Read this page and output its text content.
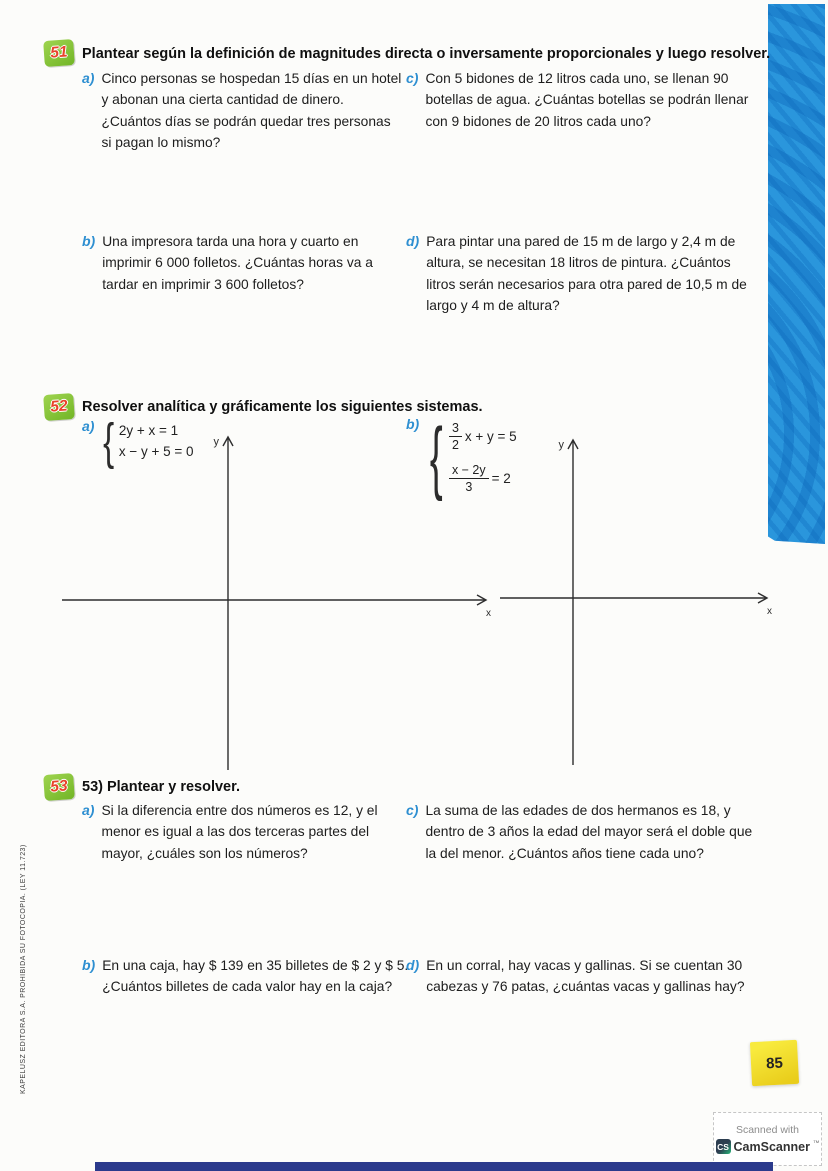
KAPELUSZ EDITORA S.A. PROHIBIDA SU FOTOCOPIA. (LEY 11.723)
51 Plantear según la definición de magnitudes directa o inversamente proporcionales y luego resolver.
a) Cinco personas se hospedan 15 días en un hotel y abonan una cierta cantidad de dinero. ¿Cuántos días se podrán quedar tres personas si pagan lo mismo?

c) Con 5 bidones de 12 litros cada uno, se llenan 90 botellas de agua. ¿Cuántas botellas se podrán llenar con 9 bidones de 20 litros cada uno?

b) Una impresora tarda una hora y cuarto en imprimir 6 000 folletos. ¿Cuántas horas va a tardar en imprimir 3 600 folletos?

d) Para pintar una pared de 15 m de largo y 2,4 m de altura, se necesitan 18 litros de pintura. ¿Cuántos litros serán necesarios para otra pared de 10,5 m de largo y 4 m de altura?

52 Resolver analítica y gráficamente los siguientes sistemas.
a) { 2y + x = 1
x − y + 5 = 0
b) { $\frac{3}{2}$ x + y = 5
$\frac{x - 2y}{3} = 2$
y
x
y
x
53 53) Plantear y resolver.
a) Si la diferencia entre dos números es 12, y el menor es igual a las dos terceras partes del mayor, ¿cuáles son los números?

c) La suma de las edades de dos hermanos es 18, y dentro de 3 años la edad del mayor será el doble que la del menor. ¿Cuántos años tiene cada uno?

b) En una caja, hay $ 139 en 35 billetes de $ 2 y $ 5. ¿Cuántos billetes de cada valor hay en la caja?

d) En un corral, hay vacas y gallinas. Si se cuentan 30 cabezas y 76 patas, ¿cuántas vacas y gallinas hay?

85
Scanned with
CS CamScanner ™
